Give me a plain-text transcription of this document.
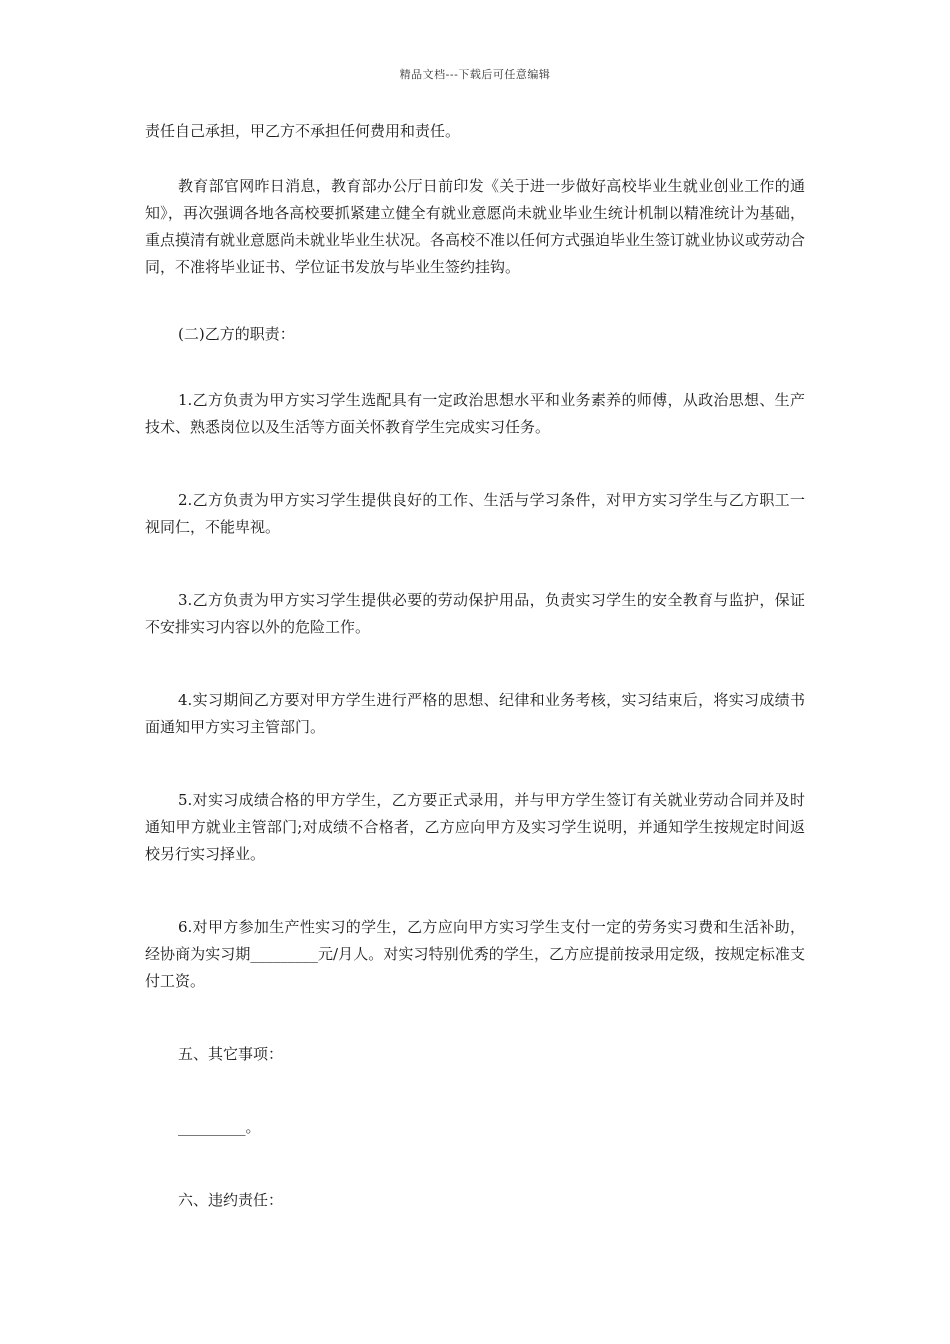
精品文档---下载后可任意编辑

责任自己承担，甲乙方不承担任何费用和责任。

教育部官网昨日消息，教育部办公厅日前印发《关于进一步做好高校毕业生就业创业工作的通知》，再次强调各地各高校要抓紧建立健全有就业意愿尚未就业毕业生统计机制以精准统计为基础，重点摸清有就业意愿尚未就业毕业生状况。各高校不准以任何方式强迫毕业生签订就业协议或劳动合同，不准将毕业证书、学位证书发放与毕业生签约挂钩。

(二)乙方的职责：

1.乙方负责为甲方实习学生选配具有一定政治思想水平和业务素养的师傅，从政治思想、生产技术、熟悉岗位以及生活等方面关怀教育学生完成实习任务。

2.乙方负责为甲方实习学生提供良好的工作、生活与学习条件，对甲方实习学生与乙方职工一视同仁，不能卑视。

3.乙方负责为甲方实习学生提供必要的劳动保护用品，负责实习学生的安全教育与监护，保证不安排实习内容以外的危险工作。

4.实习期间乙方要对甲方学生进行严格的思想、纪律和业务考核，实习结束后，将实习成绩书面通知甲方实习主管部门。

5.对实习成绩合格的甲方学生，乙方要正式录用，并与甲方学生签订有关就业劳动合同并及时通知甲方就业主管部门;对成绩不合格者，乙方应向甲方及实习学生说明，并通知学生按规定时间返校另行实习择业。

6.对甲方参加生产性实习的学生，乙方应向甲方实习学生支付一定的劳务实习费和生活补助，经协商为实习期_________元/月人。对实习特别优秀的学生，乙方应提前按录用定级，按规定标准支付工资。

五、其它事项：

_________。

六、违约责任：
